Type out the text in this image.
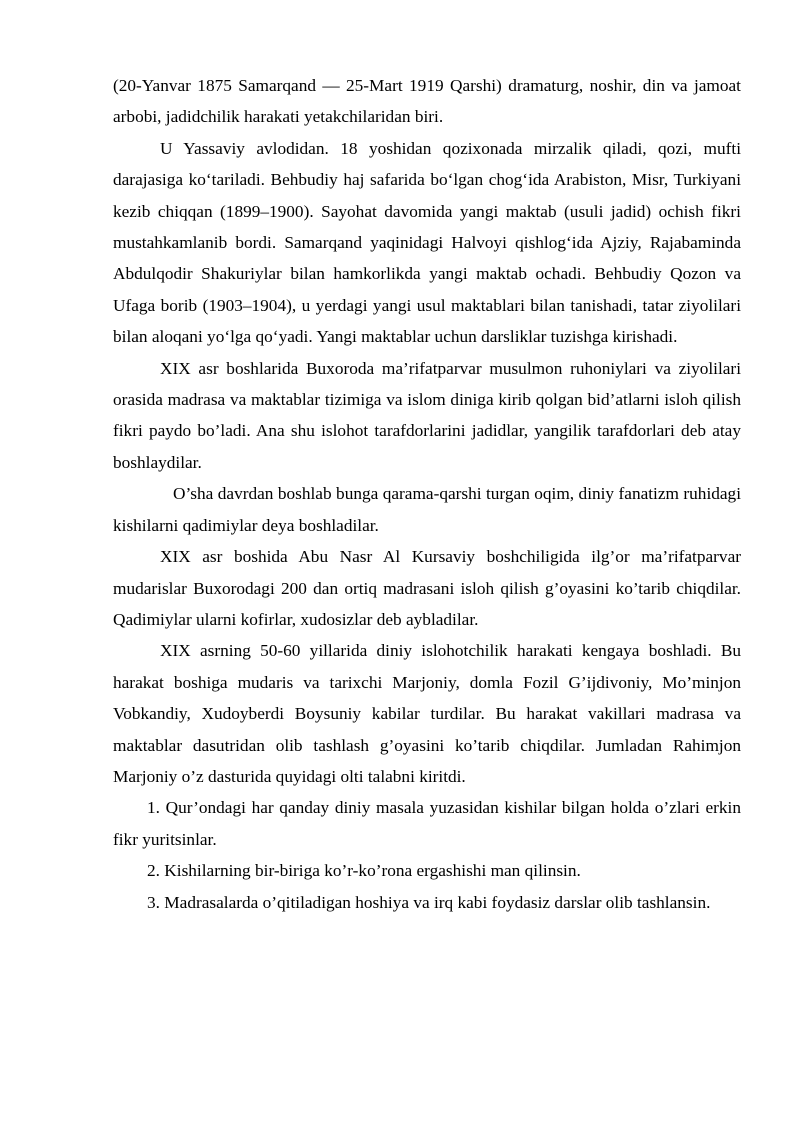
(20-Yanvar 1875 Samarqand — 25-Mart 1919 Qarshi) dramaturg, noshir, din va jamoat arbobi, jadidchilik harakati yetakchilaridan biri.

U Yassaviy avlodidan. 18 yoshidan qozixonada mirzalik qiladi, qozi, mufti darajasiga koʻtariladi. Behbudiy haj safarida boʻlgan chogʻida Arabiston, Misr, Turkiyani kezib chiqqan (1899–1900). Sayohat davomida yangi maktab (usuli jadid) ochish fikri mustahkamlanib bordi. Samarqand yaqinidagi Halvoyi qishlogʻida Ajziy, Rajabaminda Abdulqodir Shakuriylar bilan hamkorlikda yangi maktab ochadi. Behbudiy Qozon va Ufaga borib (1903–1904), u yerdagi yangi usul maktablari bilan tanishadi, tatar ziyolilari bilan aloqani yoʻlga qoʻyadi. Yangi maktablar uchun darsliklar tuzishga kirishadi.

XIX asr boshlarida Buxoroda ma’rifatparvar musulmon ruhoniylari va ziyolilari orasida madrasa va maktablar tizimiga va islom diniga kirib qolgan bid’atlarni isloh qilish fikri paydo bo’ladi. Ana shu islohot tarafdorlarini jadidlar, yangilik tarafdorlari deb atay boshlaydilar.

O’sha davrdan boshlab bunga qarama-qarshi turgan oqim, diniy fanatizm ruhidagi kishilarni qadimiylar deya boshladilar.

XIX asr boshida Abu Nasr Al Kursaviy boshchiligida ilg’or ma’rifatparvar mudarislar Buxorodagi 200 dan ortiq madrasani isloh qilish g’oyasini ko’tarib chiqdilar. Qadimiylar ularni kofirlar, xudosizlar deb aybladilar.

XIX asrning 50-60 yillarida diniy islohotchilik harakati kengaya boshladi. Bu harakat boshiga mudaris va tarixchi Marjoniy, domla Fozil G’ijdivoniy, Mo’minjon Vobkandiy, Xudoyberdi Boysuniy kabilar turdilar. Bu harakat vakillari madrasa va maktablar dasutridan olib tashlash g’oyasini ko’tarib chiqdilar. Jumladan Rahimjon Marjoniy o’z dasturida quyidagi olti talabni kiritdi.

1. Qur’ondagi har qanday diniy masala yuzasidan kishilar bilgan holda o’zlari erkin fikr yuritsinlar.

2. Kishilarning bir-biriga ko’r-ko’rona ergashishi man qilinsin.

3. Madrasalarda o’qitiladigan hoshiya va irq kabi foydasiz darslar olib tashlansin.
